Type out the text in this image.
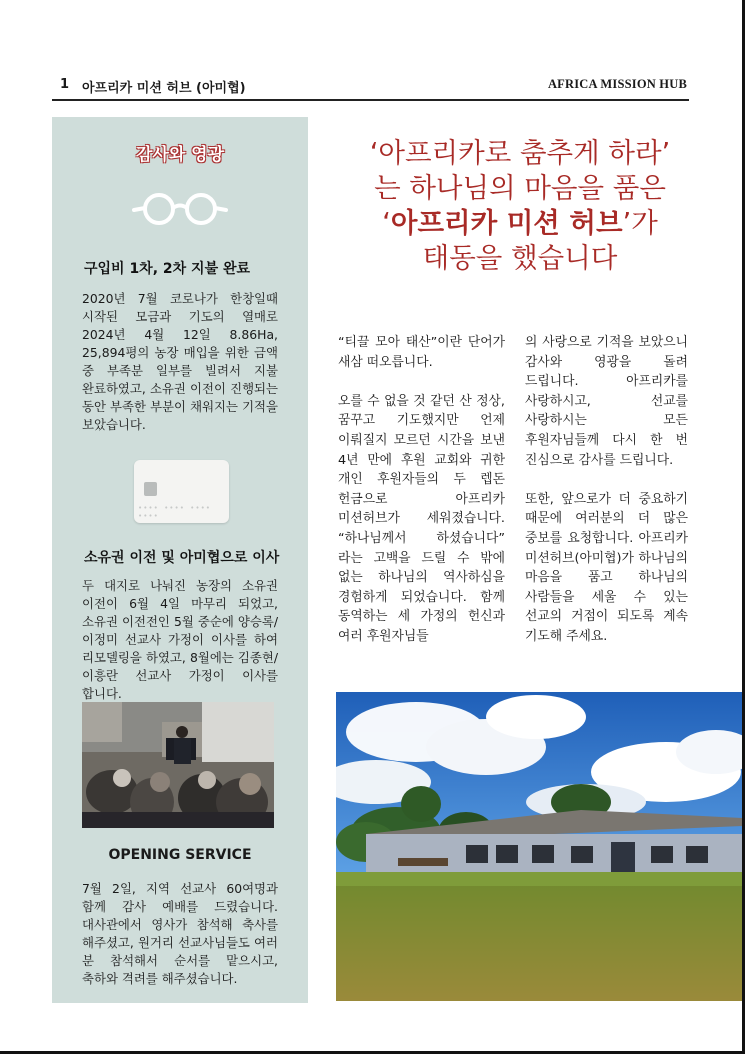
1 아프리카 미션 허브 (아미협)	AFRICA MISSION HUB
감사와 영광
구입비 1차, 2차 지불 완료
2020년 7월 코로나가 한창일때 시작된 모금과 기도의 열매로 2024년 4월 12일 8.86Ha, 25,894평의 농장 매입을 위한 금액 중 부족분 일부를 빌려서 지불 완료하였고, 소유권 이전이 진행되는 동안 부족한 부분이 채워지는 기적을 보았습니다.
•••• •••• •••• ••••
소유권 이전 및 아미협으로 이사
두 대지로 나눠진 농장의 소유권 이전이 6월 4일 마무리 되었고, 소유권 이전전인 5월 중순에 양승록/이정미 선교사 가정이 이사를 하여 리모델링을 하였고, 8월에는 김종현/이흥란 선교사 가정이 이사를 합니다.
OPENING SERVICE
7월 2일, 지역 선교사 60여명과 함께 감사 예배를 드렸습니다. 대사관에서 영사가 참석해 축사를 해주셨고, 원거리 선교사님들도 여러 분 참석해서 순서를 맡으시고, 축하와 격려를 해주셨습니다.
‘아프리카로 춤추게 하라’
는 하나님의 마음을 품은
‘아프리카 미션 허브’가
태동을 했습니다

“티끌 모아 태산”이란 단어가 새삼 떠오릅니다.

오를 수 없을 것 같던 산 정상, 꿈꾸고 기도했지만 언제 이뤄질지 모르던 시간을 보낸 4년 만에 후원 교회와 귀한 개인 후원자들의 두 렙돈 헌금으로 아프리카 미션허브가 세워졌습니다. “하나님께서 하셨습니다” 라는 고백을 드릴 수 밖에 없는 하나님의 역사하심을 경험하게 되었습니다. 함께 동역하는 세 가정의 헌신과 여러 후원자님들

의 사랑으로 기적을 보았으니 감사와 영광을 돌려 드립니다. 아프리카를 사랑하시고, 선교를 사랑하시는 모든 후원자님들께 다시 한 번 진심으로 감사를 드립니다.

또한, 앞으로가 더 중요하기 때문에 여러분의 더 많은 중보를 요청합니다. 아프리카 미션허브(아미협)가 하나님의 마음을 품고 하나님의 사람들을 세울 수 있는 선교의 거점이 되도록 계속 기도해 주세요.
